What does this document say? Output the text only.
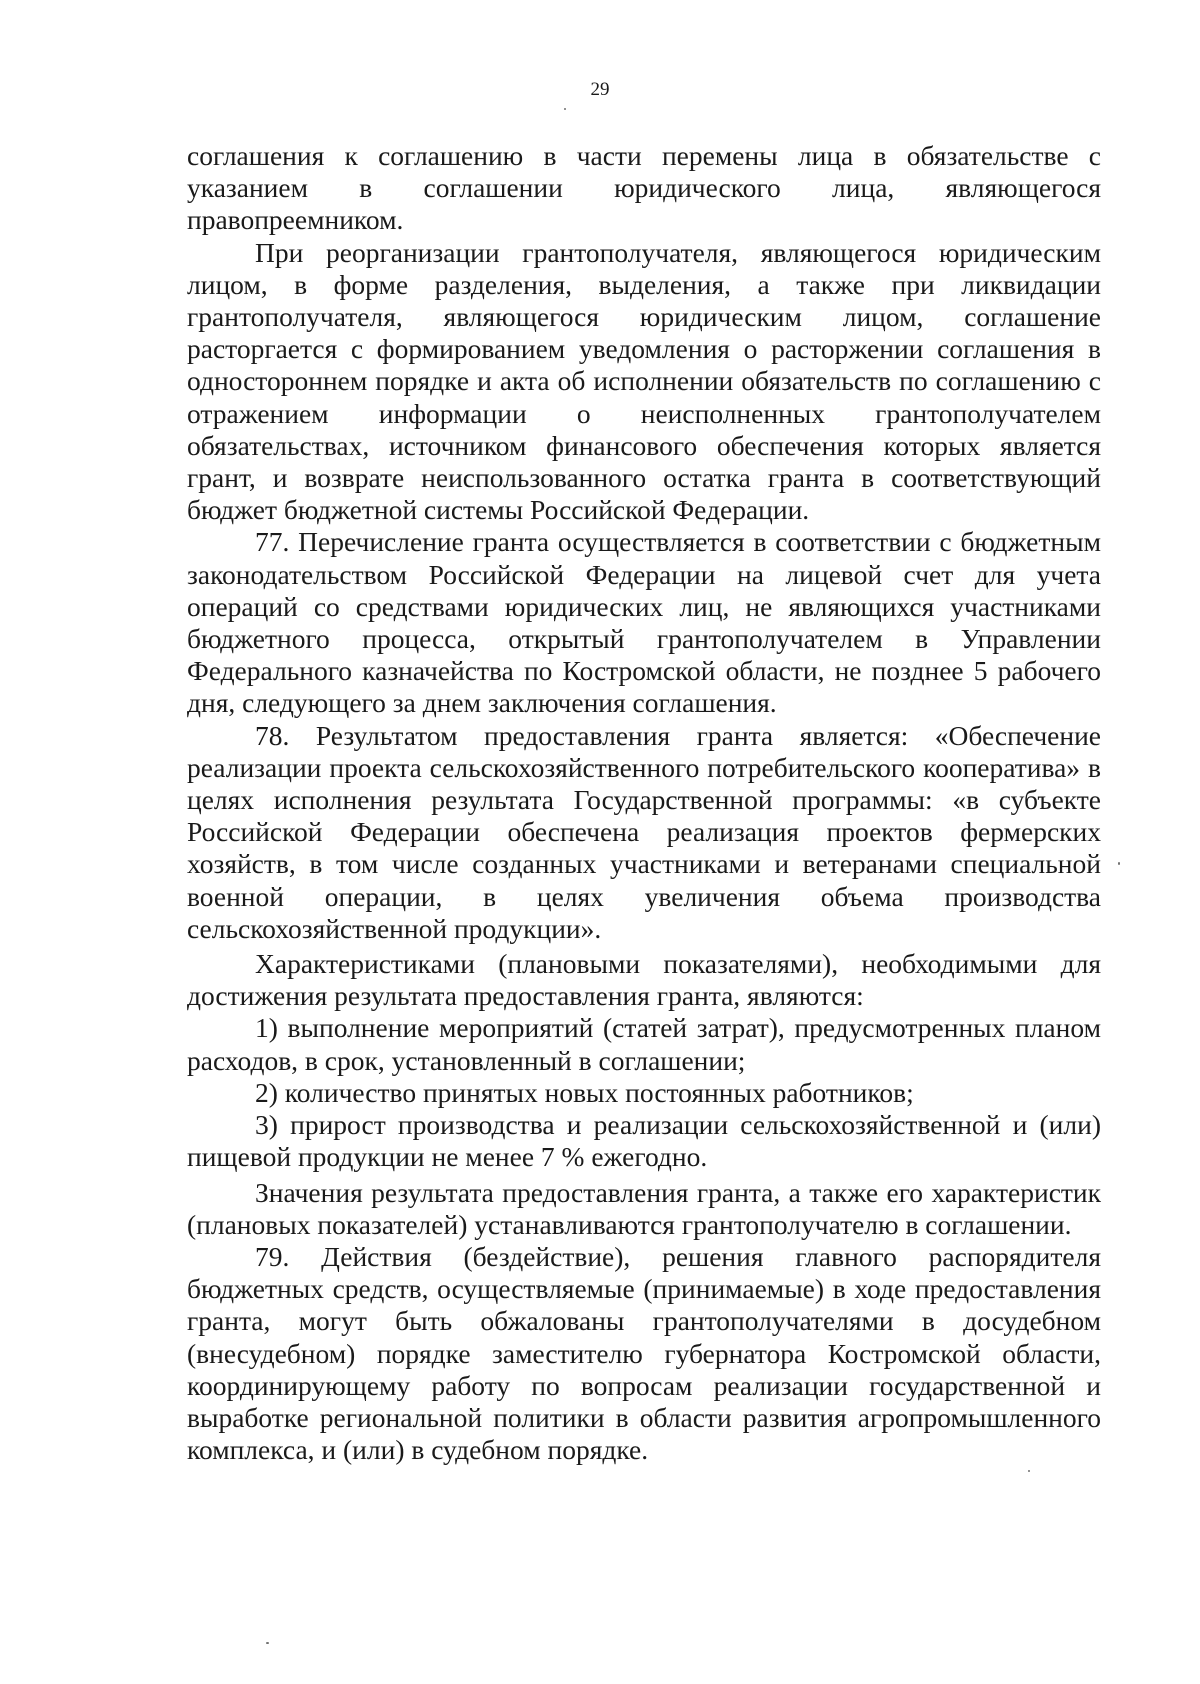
29

соглашения к соглашению в части перемены лица в обязательстве с указанием в соглашении юридического лица, являющегося правопреемником.

При реорганизации грантополучателя, являющегося юридическим лицом, в форме разделения, выделения, а также при ликвидации грантополучателя, являющегося юридическим лицом, соглашение расторгается с формированием уведомления о расторжении соглашения в одностороннем порядке и акта об исполнении обязательств по соглашению с отражением информации о неисполненных грантополучателем обязательствах, источником финансового обеспечения которых является грант, и возврате неиспользованного остатка гранта в соответствующий бюджет бюджетной системы Российской Федерации.

77. Перечисление гранта осуществляется в соответствии с бюджетным законодательством Российской Федерации на лицевой счет для учета операций со средствами юридических лиц, не являющихся участниками бюджетного процесса, открытый грантополучателем в Управлении Федерального казначейства по Костромской области, не позднее 5 рабочего дня, следующего за днем заключения соглашения.

78. Результатом предоставления гранта является: «Обеспечение реализации проекта сельскохозяйственного потребительского кооператива» в целях исполнения результата Государственной программы: «в субъекте Российской Федерации обеспечена реализация проектов фермерских хозяйств, в том числе созданных участниками и ветеранами специальной военной операции, в целях увеличения объема производства сельскохозяйственной продукции».

Характеристиками (плановыми показателями), необходимыми для достижения результата предоставления гранта, являются:

1) выполнение мероприятий (статей затрат), предусмотренных планом расходов, в срок, установленный в соглашении;

2) количество принятых новых постоянных работников;

3) прирост производства и реализации сельскохозяйственной и (или) пищевой продукции не менее 7 % ежегодно.

Значения результата предоставления гранта, а также его характеристик (плановых показателей) устанавливаются грантополучателю в соглашении.

79. Действия (бездействие), решения главного распорядителя бюджетных средств, осуществляемые (принимаемые) в ходе предоставления гранта, могут быть обжалованы грантополучателями в досудебном (внесудебном) порядке заместителю губернатора Костромской области, координирующему работу по вопросам реализации государственной и выработке региональной политики в области развития агропромышленного комплекса, и (или) в судебном порядке.
